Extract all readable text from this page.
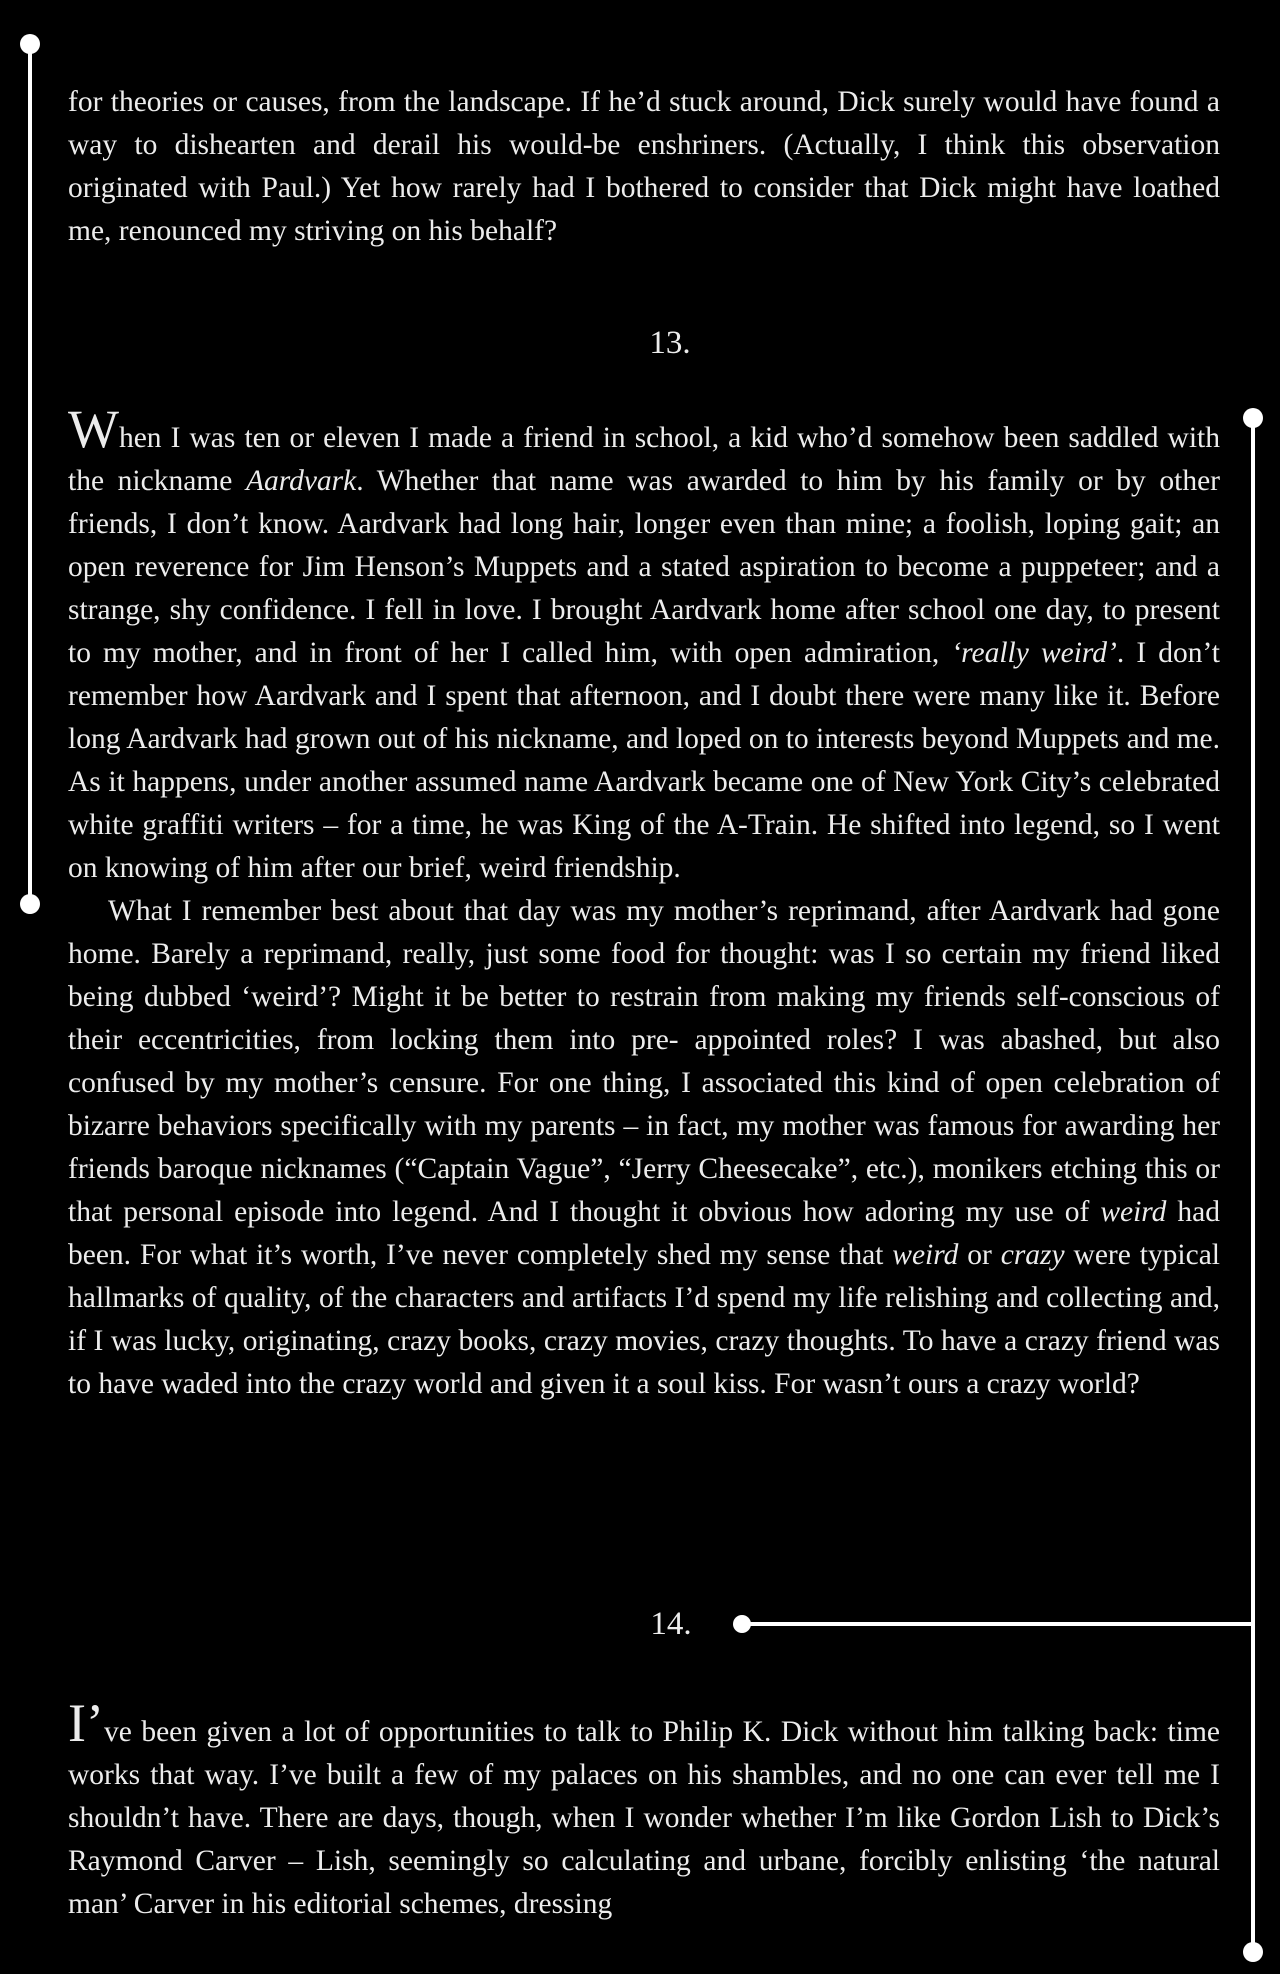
for theories or causes, from the landscape. If he’d stuck around, Dick surely would have found a way to dishearten and derail his would-be enshriners. (Actually, I think this observation originated with Paul.) Yet how rarely had I bothered to consider that Dick might have loathed me, renounced my striving on his behalf?

13.

When I was ten or eleven I made a friend in school, a kid who’d somehow been saddled with the nickname Aardvark. Whether that name was awarded to him by his family or by other friends, I don’t know. Aardvark had long hair, longer even than mine; a foolish, loping gait; an open reverence for Jim Henson’s Muppets and a stated aspiration to become a puppeteer; and a strange, shy confidence. I fell in love. I brought Aardvark home after school one day, to present to my mother, and in front of her I called him, with open admiration, ‘really weird’. I don’t remember how Aardvark and I spent that afternoon, and I doubt there were many like it. Before long Aardvark had grown out of his nickname, and loped on to interests beyond Muppets and me. As it happens, under another assumed name Aardvark became one of New York City’s celebrated white graffiti writers – for a time, he was King of the A-Train. He shifted into legend, so I went on knowing of him after our brief, weird friendship.

What I remember best about that day was my mother’s reprimand, after Aardvark had gone home. Barely a reprimand, really, just some food for thought: was I so certain my friend liked being dubbed ‘weird’? Might it be better to restrain from making my friends self-conscious of their eccentricities, from locking them into pre- appointed roles? I was abashed, but also confused by my mother’s censure. For one thing, I associated this kind of open celebration of bizarre behaviors specifically with my parents – in fact, my mother was famous for awarding her friends baroque nicknames (“Captain Vague”, “Jerry Cheesecake”, etc.), monikers etching this or that personal episode into legend. And I thought it obvious how adoring my use of weird had been. For what it’s worth, I’ve never completely shed my sense that weird or crazy were typical hallmarks of quality, of the characters and artifacts I’d spend my life relishing and collecting and, if I was lucky, originating, crazy books, crazy movies, crazy thoughts. To have a crazy friend was to have waded into the crazy world and given it a soul kiss. For wasn’t ours a crazy world?

14.

I’ve been given a lot of opportunities to talk to Philip K. Dick without him talking back: time works that way. I’ve built a few of my palaces on his shambles, and no one can ever tell me I shouldn’t have. There are days, though, when I wonder whether I’m like Gordon Lish to Dick’s Raymond Carver – Lish, seemingly so calculating and urbane, forcibly enlisting ‘the natural man’ Carver in his editorial schemes, dressing
